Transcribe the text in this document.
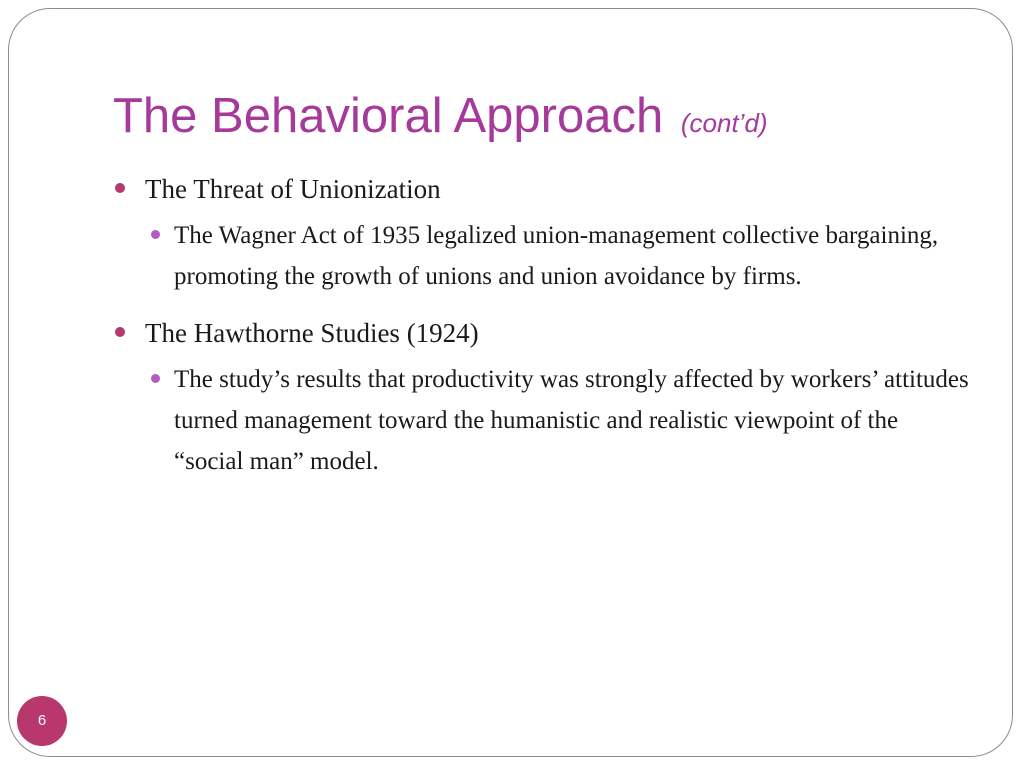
The Behavioral Approach (cont’d)
The Threat of Unionization
The Wagner Act of 1935 legalized union-management collective bargaining, promoting the growth of unions and union avoidance by firms.
The Hawthorne Studies (1924)
The study’s results that productivity was strongly affected by workers’ attitudes turned management toward the humanistic and realistic viewpoint of the “social man” model.
6
